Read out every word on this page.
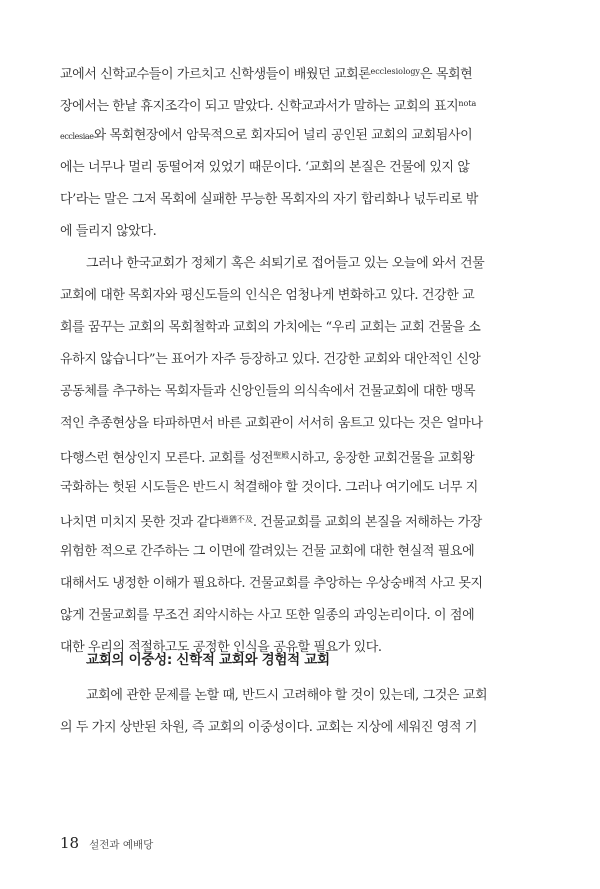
교에서 신학교수들이 가르치고 신학생들이 배웠던 교회론$^{ecclesiology}$은 목회현
장에서는 한낱 휴지조각이 되고 말았다. 신학교과서가 말하는 교회의 표지$^{nota}$
ecclesiae와 목회현장에서 암묵적으로 회자되어 널리 공인된 교회의 교회됨사이
에는 너무나 멀리 동떨어져 있었기 때문이다. ‘교회의 본질은 건물에 있지 않
다’라는 말은 그저 목회에 실패한 무능한 목회자의 자기 합리화나 넋두리로 밖
에 들리지 않았다.
그러나 한국교회가 정체기 혹은 쇠퇴기로 접어들고 있는 오늘에 와서 건물
교회에 대한 목회자와 평신도들의 인식은 엄청나게 변화하고 있다. 건강한 교
회를 꿈꾸는 교회의 목회철학과 교회의 가치에는 “우리 교회는 교회 건물을 소
유하지 않습니다”는 표어가 자주 등장하고 있다. 건강한 교회와 대안적인 신앙
공동체를 추구하는 목회자들과 신앙인들의 의식속에서 건물교회에 대한 맹목
적인 추종현상을 타파하면서 바른 교회관이 서서히 움트고 있다는 것은 얼마나
다행스런 현상인지 모른다. 교회를 성전$^{聖殿}$시하고, 웅장한 교회건물을 교회왕
국화하는 헛된 시도들은 반드시 척결해야 할 것이다. 그러나 여기에도 너무 지
나치면 미치지 못한 것과 같다$^{過猶不及}$. 건물교회를 교회의 본질을 저해하는 가장
위험한 적으로 간주하는 그 이면에 깔려있는 건물 교회에 대한 현실적 필요에
대해서도 냉정한 이해가 필요하다. 건물교회를 추앙하는 우상숭배적 사고 못지
않게 건물교회를 무조건 죄악시하는 사고 또한 일종의 과잉논리이다. 이 점에
대한 우리의 적절하고도 공정한 인식을 공유할 필요가 있다.
교회의 이중성: 신학적 교회와 경험적 교회
교회에 관한 문제를 논할 때, 반드시 고려해야 할 것이 있는데, 그것은 교회
의 두 가지 상반된 차원, 즉 교회의 이중성이다. 교회는 지상에 세워진 영적 기
18 설전과 예배당
